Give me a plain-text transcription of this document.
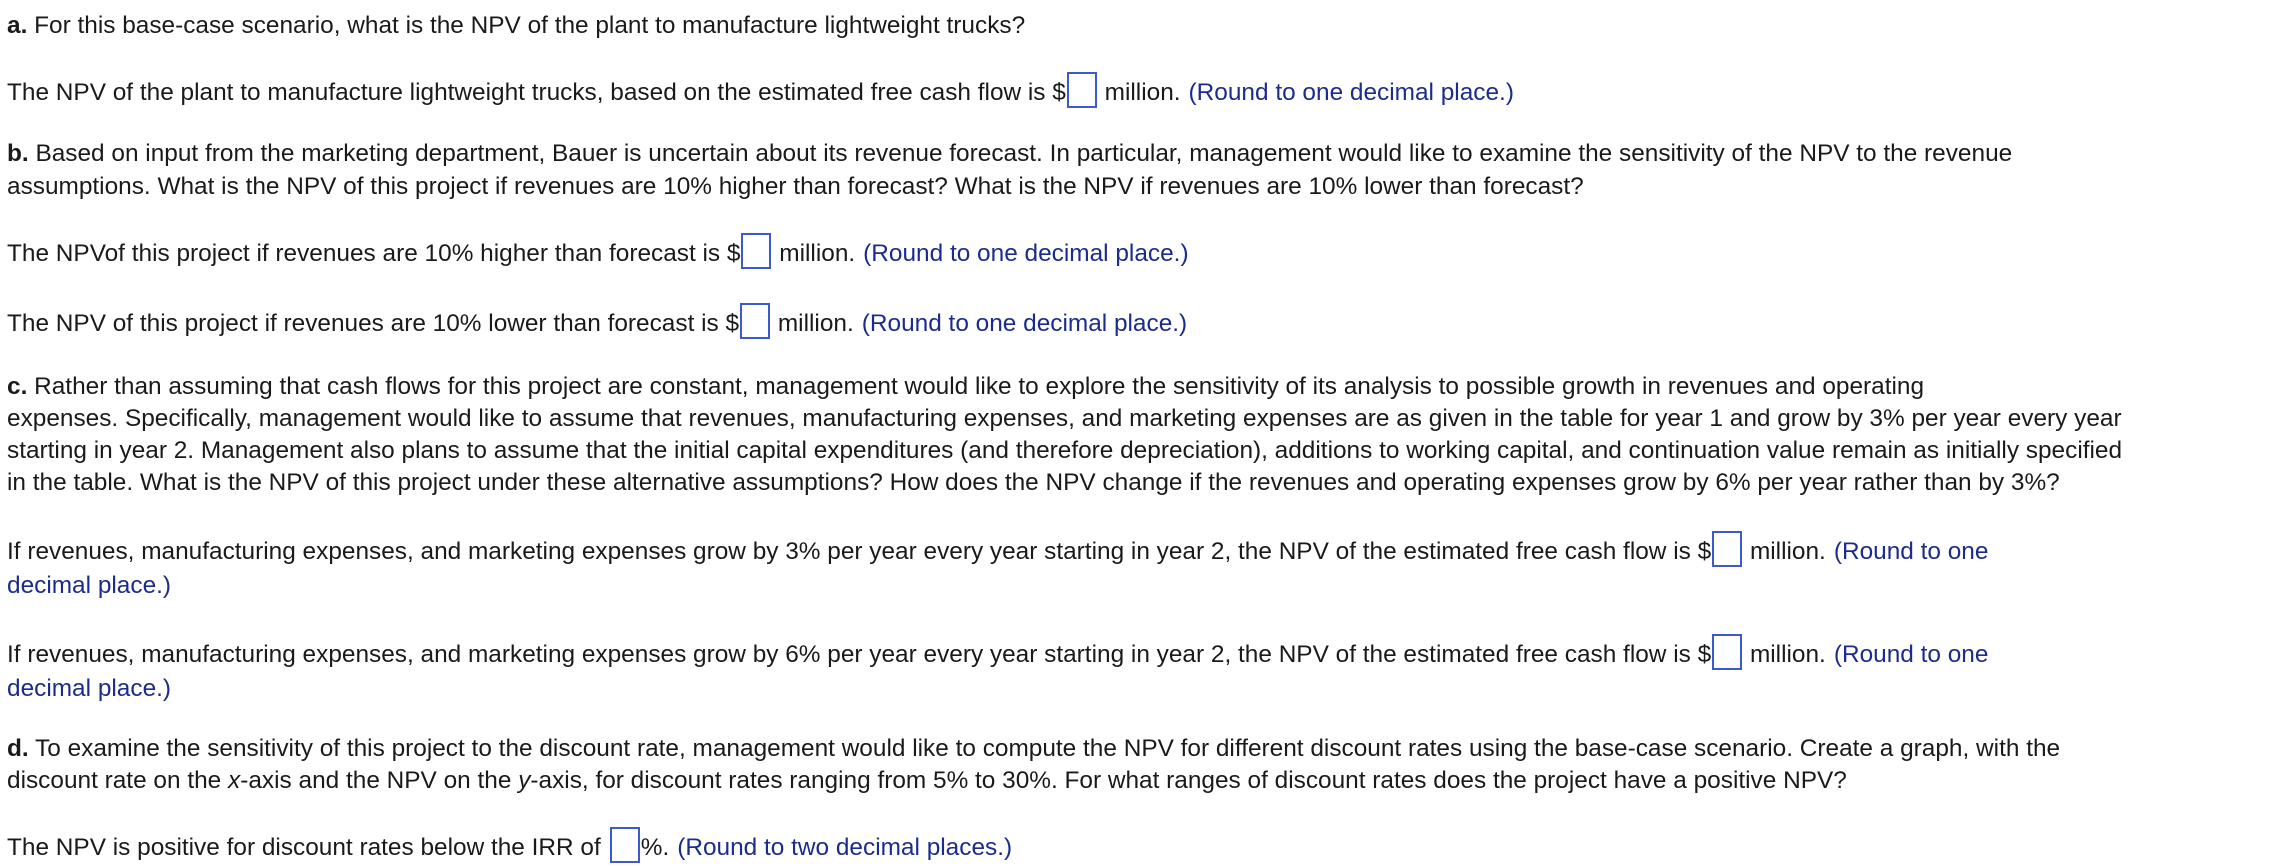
a. For this base-case scenario, what is the NPV of the plant to manufacture lightweight trucks?
The NPV of the plant to manufacture lightweight trucks, based on the estimated free cash flow is $ million. (Round to one decimal place.)
b. Based on input from the marketing department, Bauer is uncertain about its revenue forecast. In particular, management would like to examine the sensitivity of the NPV to the revenue
assumptions. What is the NPV of this project if revenues are 10% higher than forecast? What is the NPV if revenues are 10% lower than forecast?
The NPVof this project if revenues are 10% higher than forecast is $ million. (Round to one decimal place.)
The NPV of this project if revenues are 10% lower than forecast is $ million. (Round to one decimal place.)
c. Rather than assuming that cash flows for this project are constant, management would like to explore the sensitivity of its analysis to possible growth in revenues and operating
expenses. Specifically, management would like to assume that revenues, manufacturing expenses, and marketing expenses are as given in the table for year 1 and grow by 3% per year every year
starting in year 2. Management also plans to assume that the initial capital expenditures (and therefore depreciation), additions to working capital, and continuation value remain as initially specified
in the table. What is the NPV of this project under these alternative assumptions? How does the NPV change if the revenues and operating expenses grow by 6% per year rather than by 3%?
If revenues, manufacturing expenses, and marketing expenses grow by 3% per year every year starting in year 2, the NPV of the estimated free cash flow is $ million. (Round to one
decimal place.)
If revenues, manufacturing expenses, and marketing expenses grow by 6% per year every year starting in year 2, the NPV of the estimated free cash flow is $ million. (Round to one
decimal place.)
d. To examine the sensitivity of this project to the discount rate, management would like to compute the NPV for different discount rates using the base-case scenario. Create a graph, with the
discount rate on the x-axis and the NPV on the y-axis, for discount rates ranging from 5% to 30%. For what ranges of discount rates does the project have a positive NPV?
The NPV is positive for discount rates below the IRR of %. (Round to two decimal places.)
